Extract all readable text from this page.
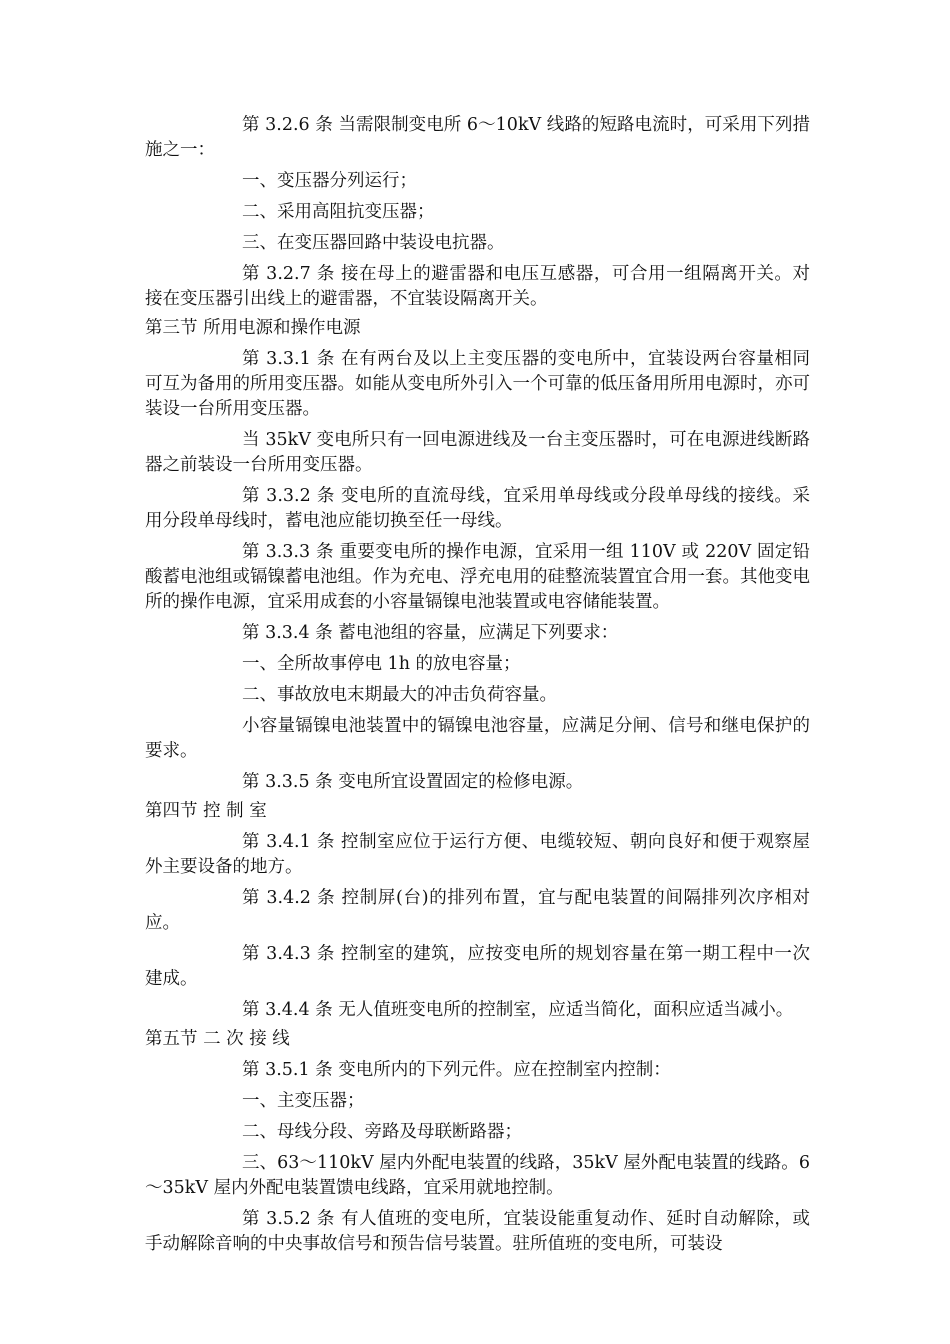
第 3.2.6 条 当需限制变电所 6～10kV 线路的短路电流时，可采用下列措施之一：

一、变压器分列运行；

二、采用高阻抗变压器；

三、在变压器回路中装设电抗器。

第 3.2.7 条 接在母上的避雷器和电压互感器，可合用一组隔离开关。对接在变压器引出线上的避雷器，不宜装设隔离开关。

第三节 所用电源和操作电源

第 3.3.1 条 在有两台及以上主变压器的变电所中，宜装设两台容量相同可互为备用的所用变压器。如能从变电所外引入一个可靠的低压备用所用电源时，亦可装设一台所用变压器。

当 35kV 变电所只有一回电源进线及一台主变压器时，可在电源进线断路器之前装设一台所用变压器。

第 3.3.2 条 变电所的直流母线，宜采用单母线或分段单母线的接线。采用分段单母线时，蓄电池应能切换至任一母线。

第 3.3.3 条 重要变电所的操作电源，宜采用一组 110V 或 220V 固定铅酸蓄电池组或镉镍蓄电池组。作为充电、浮充电用的硅整流装置宜合用一套。其他变电所的操作电源，宜采用成套的小容量镉镍电池装置或电容储能装置。

第 3.3.4 条 蓄电池组的容量，应满足下列要求：

一、全所故事停电 1h 的放电容量；

二、事故放电末期最大的冲击负荷容量。

小容量镉镍电池装置中的镉镍电池容量，应满足分闸、信号和继电保护的要求。

第 3.3.5 条 变电所宜设置固定的检修电源。

第四节 控 制 室

第 3.4.1 条 控制室应位于运行方便、电缆较短、朝向良好和便于观察屋外主要设备的地方。

第 3.4.2 条 控制屏(台)的排列布置，宜与配电装置的间隔排列次序相对应。

第 3.4.3 条 控制室的建筑，应按变电所的规划容量在第一期工程中一次建成。

第 3.4.4 条 无人值班变电所的控制室，应适当简化，面积应适当减小。

第五节 二 次 接 线

第 3.5.1 条 变电所内的下列元件。应在控制室内控制：

一、主变压器；

二、母线分段、旁路及母联断路器；

三、63～110kV 屋内外配电装置的线路，35kV 屋外配电装置的线路。6～35kV 屋内外配电装置馈电线路，宜采用就地控制。

第 3.5.2 条 有人值班的变电所，宜装设能重复动作、延时自动解除，或手动解除音响的中央事故信号和预告信号装置。驻所值班的变电所，可装设
